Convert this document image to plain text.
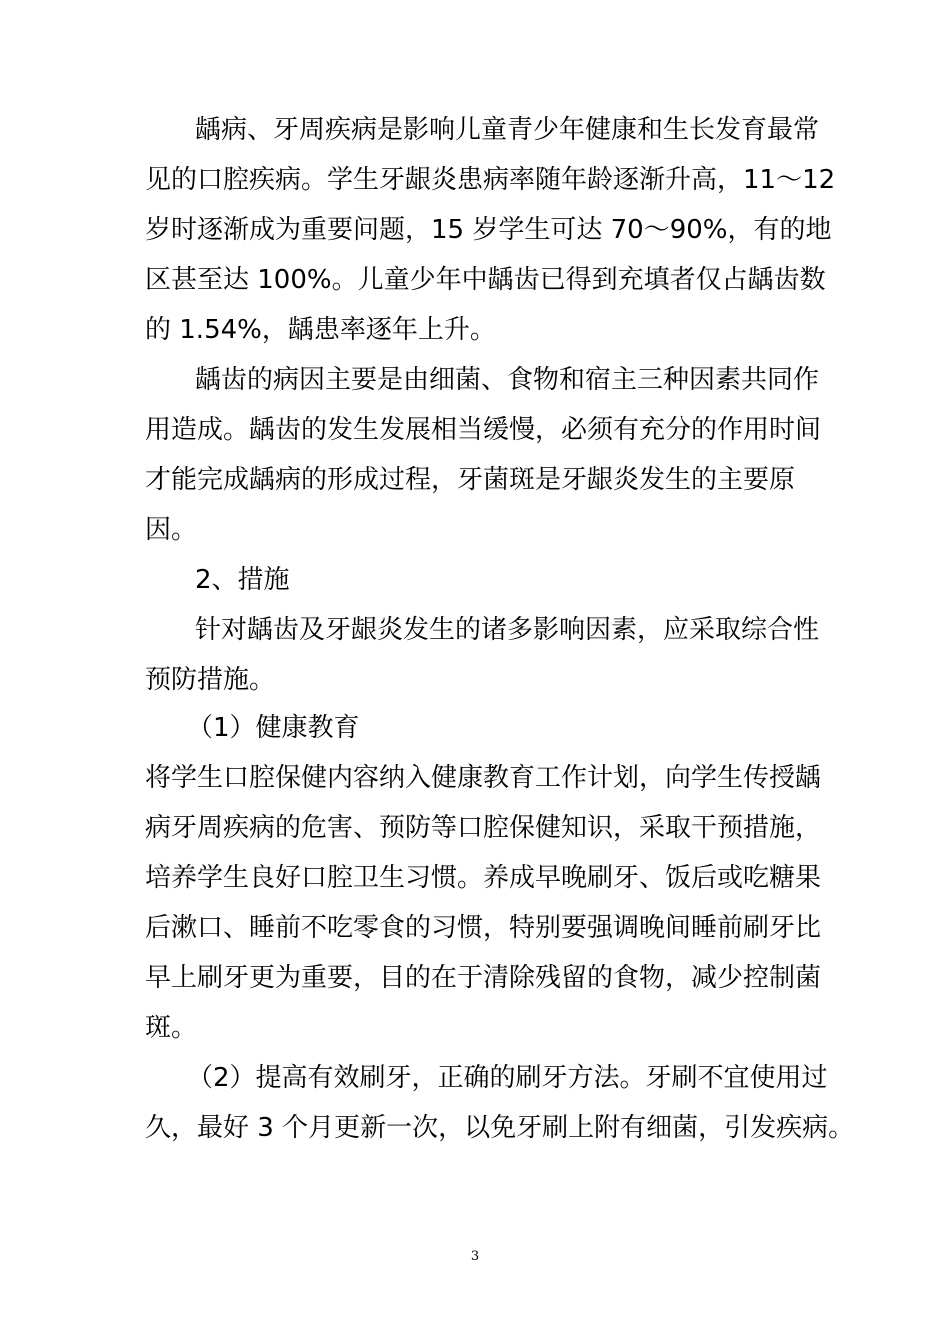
龋病、牙周疾病是影响儿童青少年健康和生长发育最常
见的口腔疾病。学生牙龈炎患病率随年龄逐渐升高，11～12
岁时逐渐成为重要问题，15 岁学生可达 70～90%，有的地
区甚至达 100%。儿童少年中龋齿已得到充填者仅占龋齿数
的 1.54%，龋患率逐年上升。
龋齿的病因主要是由细菌、食物和宿主三种因素共同作
用造成。龋齿的发生发展相当缓慢，必须有充分的作用时间
才能完成龋病的形成过程，牙菌斑是牙龈炎发生的主要原
因。
2、措施
针对龋齿及牙龈炎发生的诸多影响因素，应采取综合性
预防措施。
（1）健康教育
将学生口腔保健内容纳入健康教育工作计划，向学生传授龋
病牙周疾病的危害、预防等口腔保健知识，采取干预措施，
培养学生良好口腔卫生习惯。养成早晚刷牙、饭后或吃糖果
后漱口、睡前不吃零食的习惯，特别要强调晚间睡前刷牙比
早上刷牙更为重要，目的在于清除残留的食物，减少控制菌
斑。
（2）提高有效刷牙，正确的刷牙方法。牙刷不宜使用过
久，最好 3 个月更新一次，以免牙刷上附有细菌，引发疾病。
3
